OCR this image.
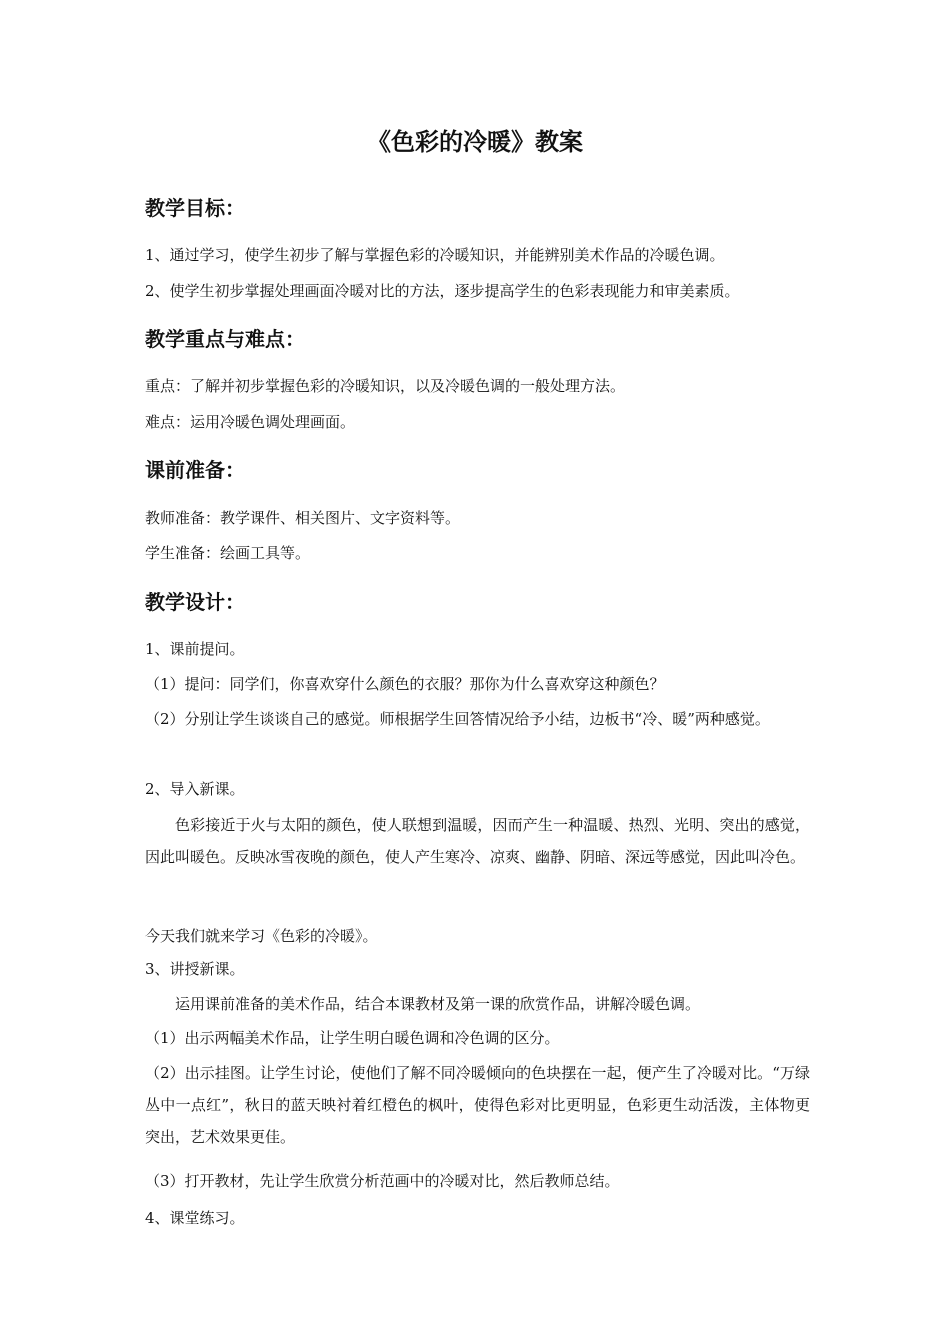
《色彩的冷暖》教案
教学目标：

1、通过学习，使学生初步了解与掌握色彩的冷暖知识，并能辨别美术作品的冷暖色调。

2、使学生初步掌握处理画面冷暖对比的方法，逐步提高学生的色彩表现能力和审美素质。

教学重点与难点：

重点：了解并初步掌握色彩的冷暖知识，以及冷暖色调的一般处理方法。

难点：运用冷暖色调处理画面。

课前准备：

教师准备：教学课件、相关图片、文字资料等。

学生准备：绘画工具等。

教学设计：

1、课前提问。

（1）提问：同学们，你喜欢穿什么颜色的衣服？那你为什么喜欢穿这种颜色？

（2）分别让学生谈谈自己的感觉。师根据学生回答情况给予小结，边板书“冷、暖”两种感觉。

2、导入新课。

色彩接近于火与太阳的颜色，使人联想到温暖，因而产生一种温暖、热烈、光明、突出的感觉，因此叫暖色。反映冰雪夜晚的颜色，使人产生寒冷、凉爽、幽静、阴暗、深远等感觉，因此叫冷色。

今天我们就来学习《色彩的冷暖》。

3、讲授新课。

运用课前准备的美术作品，结合本课教材及第一课的欣赏作品，讲解冷暖色调。

（1）出示两幅美术作品，让学生明白暖色调和冷色调的区分。

（2）出示挂图。让学生讨论，使他们了解不同冷暖倾向的色块摆在一起，便产生了冷暖对比。“万绿丛中一点红”，秋日的蓝天映衬着红橙色的枫叶，使得色彩对比更明显，色彩更生动活泼，主体物更突出，艺术效果更佳。

（3）打开教材，先让学生欣赏分析范画中的冷暖对比，然后教师总结。

4、课堂练习。
